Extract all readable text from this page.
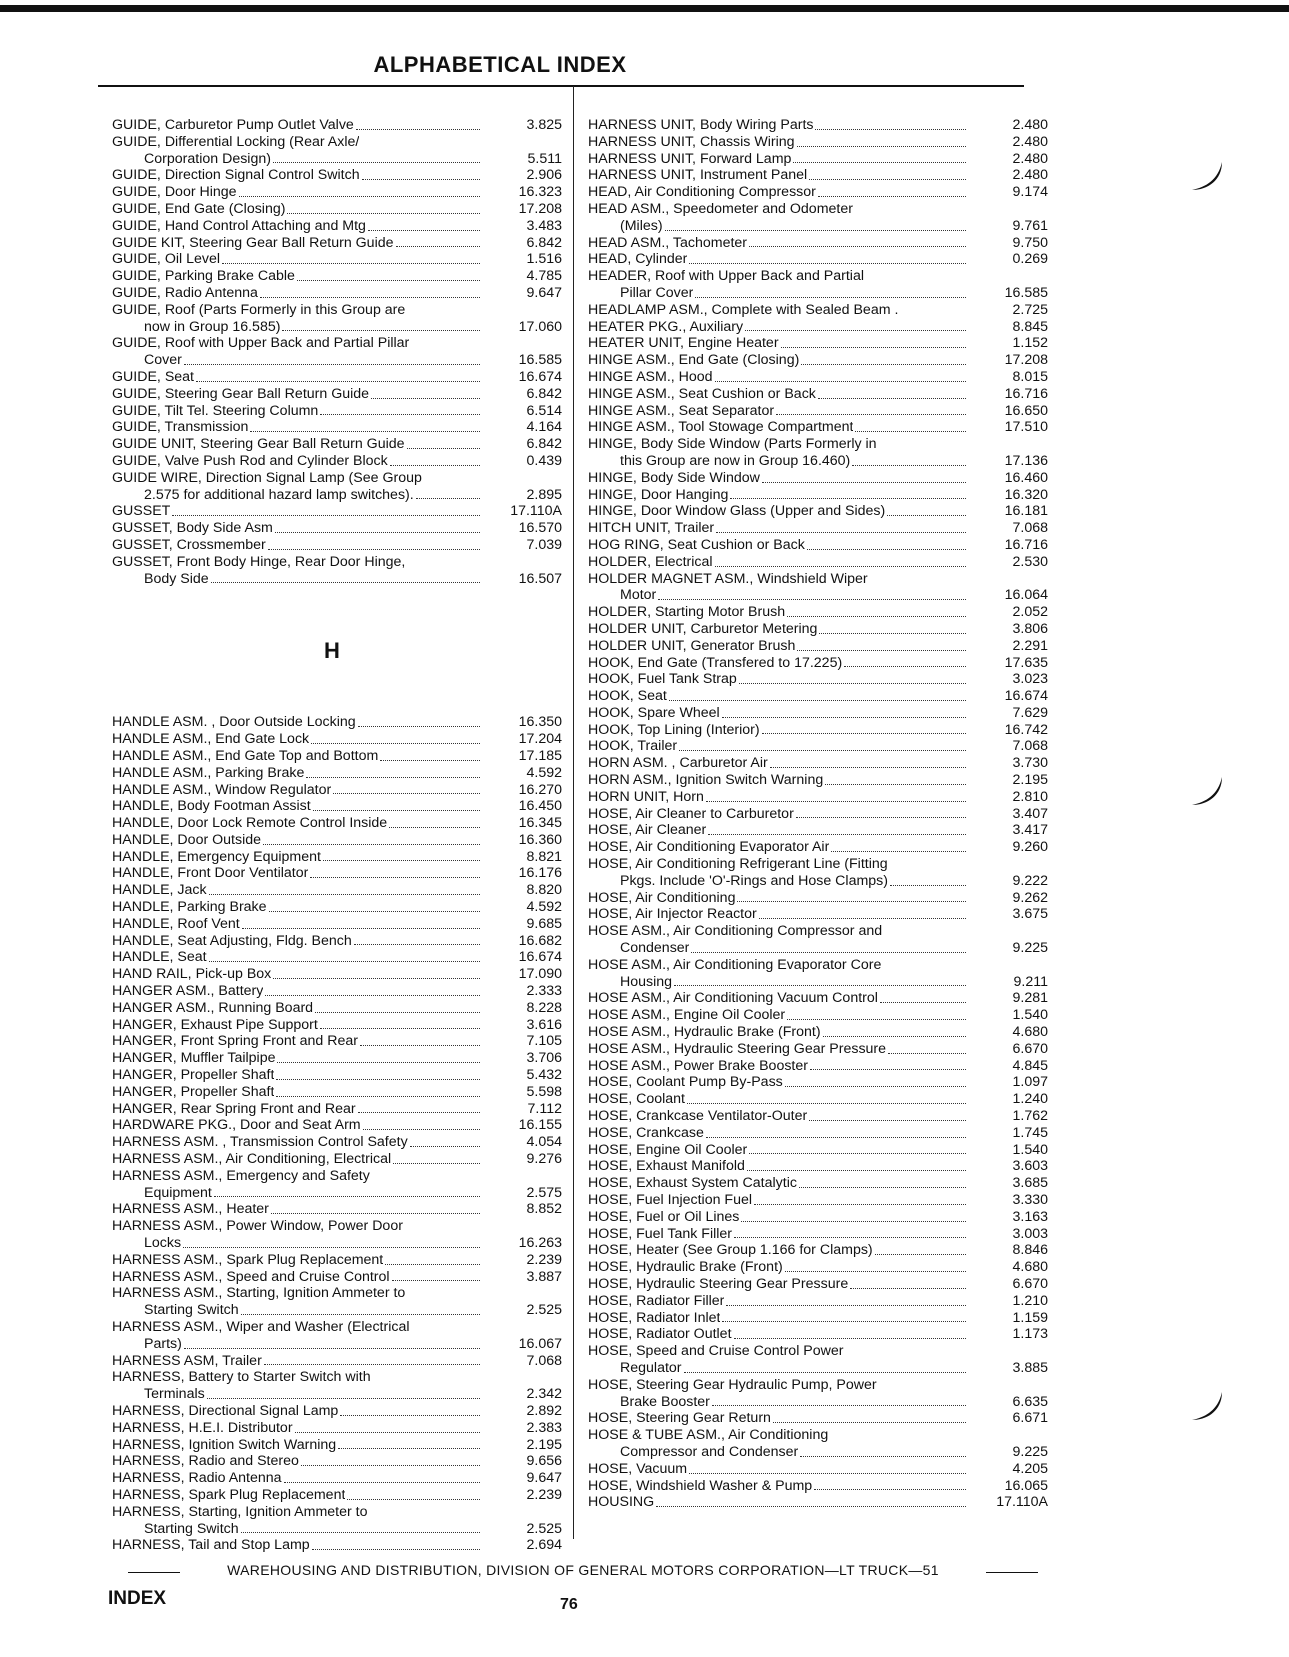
ALPHABETICAL INDEX
GUIDE, Carburetor Pump Outlet Valve	3.825
GUIDE, Differential Locking (Rear Axle/
Corporation Design)	5.511
GUIDE, Direction Signal Control Switch	2.906
GUIDE, Door Hinge	16.323
GUIDE, End Gate (Closing)	17.208
GUIDE, Hand Control Attaching and Mtg	3.483
GUIDE KIT, Steering Gear Ball Return Guide	6.842
GUIDE, Oil Level	1.516
GUIDE, Parking Brake Cable	4.785
GUIDE, Radio Antenna	9.647
GUIDE, Roof (Parts Formerly in this Group are
now in Group 16.585)	17.060
GUIDE, Roof with Upper Back and Partial Pillar
Cover	16.585
GUIDE, Seat	16.674
GUIDE, Steering Gear Ball Return Guide	6.842
GUIDE, Tilt Tel. Steering Column	6.514
GUIDE, Transmission	4.164
GUIDE UNIT, Steering Gear Ball Return Guide	6.842
GUIDE, Valve Push Rod and Cylinder Block	0.439
GUIDE WIRE, Direction Signal Lamp (See Group
2.575 for additional hazard lamp switches).	2.895
GUSSET	17.110A
GUSSET, Body Side Asm	16.570
GUSSET, Crossmember	7.039
GUSSET, Front Body Hinge, Rear Door Hinge,
Body Side	16.507
H
HANDLE ASM. , Door Outside Locking	16.350
HANDLE ASM., End Gate Lock	17.204
HANDLE ASM., End Gate Top and Bottom	17.185
HANDLE ASM., Parking Brake	4.592
HANDLE ASM., Window Regulator	16.270
HANDLE, Body Footman Assist	16.450
HANDLE, Door Lock Remote Control Inside	16.345
HANDLE, Door Outside	16.360
HANDLE, Emergency Equipment	8.821
HANDLE, Front Door Ventilator	16.176
HANDLE, Jack	8.820
HANDLE, Parking Brake	4.592
HANDLE, Roof Vent	9.685
HANDLE, Seat Adjusting, Fldg. Bench	16.682
HANDLE, Seat	16.674
HAND RAIL, Pick-up Box	17.090
HANGER ASM., Battery	2.333
HANGER ASM., Running Board	8.228
HANGER, Exhaust Pipe Support	3.616
HANGER, Front Spring Front and Rear	7.105
HANGER, Muffler Tailpipe	3.706
HANGER, Propeller Shaft	5.432
HANGER, Propeller Shaft	5.598
HANGER, Rear Spring Front and Rear	7.112
HARDWARE PKG., Door and Seat Arm	16.155
HARNESS ASM. , Transmission Control Safety	4.054
HARNESS ASM., Air Conditioning, Electrical	9.276
HARNESS ASM., Emergency and Safety
Equipment	2.575
HARNESS ASM., Heater	8.852
HARNESS ASM., Power Window, Power Door
Locks	16.263
HARNESS ASM., Spark Plug Replacement	2.239
HARNESS ASM., Speed and Cruise Control	3.887
HARNESS ASM., Starting, Ignition Ammeter to
Starting Switch	2.525
HARNESS ASM., Wiper and Washer (Electrical
Parts)	16.067
HARNESS ASM, Trailer	7.068
HARNESS, Battery to Starter Switch with
Terminals	2.342
HARNESS, Directional Signal Lamp	2.892
HARNESS, H.E.I. Distributor	2.383
HARNESS, Ignition Switch Warning	2.195
HARNESS, Radio and Stereo	9.656
HARNESS, Radio Antenna	9.647
HARNESS, Spark Plug Replacement	2.239
HARNESS, Starting, Ignition Ammeter to
Starting Switch	2.525
HARNESS, Tail and Stop Lamp	2.694
HARNESS UNIT, Body Wiring Parts	2.480
HARNESS UNIT, Chassis Wiring	2.480
HARNESS UNIT, Forward Lamp	2.480
HARNESS UNIT, Instrument Panel	2.480
HEAD, Air Conditioning Compressor	9.174
HEAD ASM., Speedometer and Odometer
(Miles)	9.761
HEAD ASM., Tachometer	9.750
HEAD, Cylinder	0.269
HEADER, Roof with Upper Back and Partial
Pillar Cover	16.585
HEADLAMP ASM., Complete with Sealed Beam .	2.725
HEATER PKG., Auxiliary	8.845
HEATER UNIT, Engine Heater	1.152
HINGE ASM., End Gate (Closing)	17.208
HINGE ASM., Hood	8.015
HINGE ASM., Seat Cushion or Back	16.716
HINGE ASM., Seat Separator	16.650
HINGE ASM., Tool Stowage Compartment	17.510
HINGE, Body Side Window (Parts Formerly in
this Group are now in Group 16.460)	17.136
HINGE, Body Side Window	16.460
HINGE, Door Hanging	16.320
HINGE, Door Window Glass (Upper and Sides)	16.181
HITCH UNIT, Trailer	7.068
HOG RING, Seat Cushion or Back	16.716
HOLDER, Electrical	2.530
HOLDER MAGNET ASM., Windshield Wiper
Motor	16.064
HOLDER, Starting Motor Brush	2.052
HOLDER UNIT, Carburetor Metering	3.806
HOLDER UNIT, Generator Brush	2.291
HOOK, End Gate (Transfered to 17.225)	17.635
HOOK, Fuel Tank Strap	3.023
HOOK, Seat	16.674
HOOK, Spare Wheel	7.629
HOOK, Top Lining (Interior)	16.742
HOOK, Trailer	7.068
HORN ASM. , Carburetor Air	3.730
HORN ASM., Ignition Switch Warning	2.195
HORN UNIT, Horn	2.810
HOSE, Air Cleaner to Carburetor	3.407
HOSE, Air Cleaner	3.417
HOSE, Air Conditioning Evaporator Air	9.260
HOSE, Air Conditioning Refrigerant Line (Fitting
Pkgs. Include 'O'-Rings and Hose Clamps)	9.222
HOSE, Air Conditioning	9.262
HOSE, Air Injector Reactor	3.675
HOSE ASM., Air Conditioning Compressor and
Condenser	9.225
HOSE ASM., Air Conditioning Evaporator Core
Housing	9.211
HOSE ASM., Air Conditioning Vacuum Control	9.281
HOSE ASM., Engine Oil Cooler	1.540
HOSE ASM., Hydraulic Brake (Front)	4.680
HOSE ASM., Hydraulic Steering Gear Pressure	6.670
HOSE ASM., Power Brake Booster	4.845
HOSE, Coolant Pump By-Pass	1.097
HOSE, Coolant	1.240
HOSE, Crankcase Ventilator-Outer	1.762
HOSE, Crankcase	1.745
HOSE, Engine Oil Cooler	1.540
HOSE, Exhaust Manifold	3.603
HOSE, Exhaust System Catalytic	3.685
HOSE, Fuel Injection Fuel	3.330
HOSE, Fuel or Oil Lines	3.163
HOSE, Fuel Tank Filler	3.003
HOSE, Heater (See Group 1.166 for Clamps)	8.846
HOSE, Hydraulic Brake (Front)	4.680
HOSE, Hydraulic Steering Gear Pressure	6.670
HOSE, Radiator Filler	1.210
HOSE, Radiator Inlet	1.159
HOSE, Radiator Outlet	1.173
HOSE, Speed and Cruise Control Power
Regulator	3.885
HOSE, Steering Gear Hydraulic Pump, Power
Brake Booster	6.635
HOSE, Steering Gear Return	6.671
HOSE & TUBE ASM., Air Conditioning
Compressor and Condenser	9.225
HOSE, Vacuum	4.205
HOSE, Windshield Washer & Pump	16.065
HOUSING	17.110A
WAREHOUSING AND DISTRIBUTION, DIVISION OF GENERAL MOTORS CORPORATION—LT TRUCK—51
INDEX	76
